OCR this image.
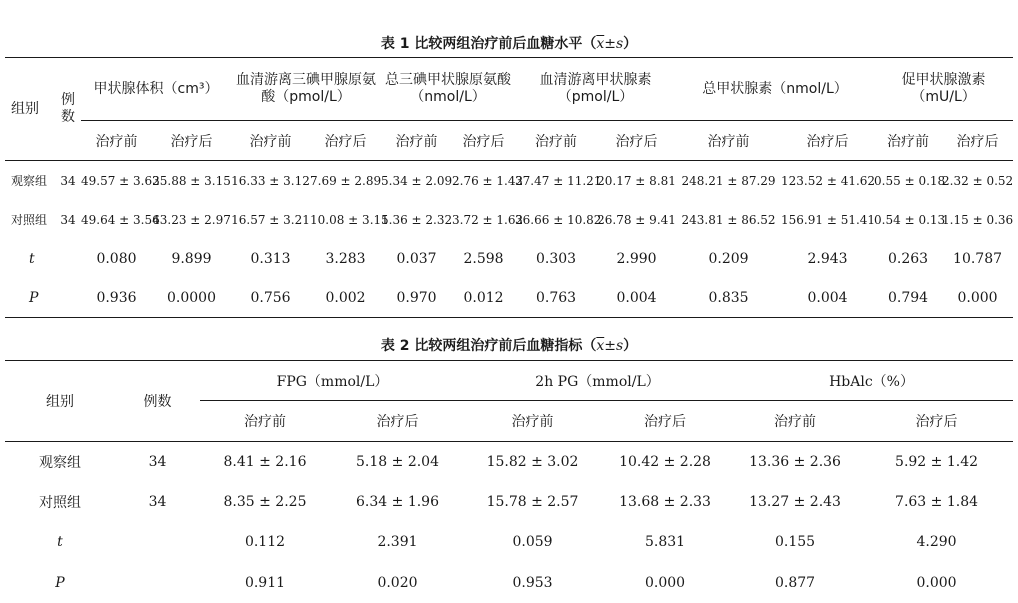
表 1 比较两组治疗前后血糖水平$(\overline{x}\pm s)$
组别	例数	甲状腺体积（cm³）		血清游离三碘甲腺原氨酸（pmol/L）		总三碘甲状腺原氨酸（nmol/L）		血清游离甲状腺素（pmol/L）		总甲状腺素（nmol/L）		促甲状腺激素（mU/L）	
		治疗前	治疗后	治疗前	治疗后	治疗前	治疗后	治疗前	治疗后	治疗前	治疗后	治疗前	治疗后
观察组	34	49.57 ± 3.62	35.88 ± 3.15	16.33 ± 3.12	7.69 ± 2.89	5.34 ± 2.09	2.76 ± 1.42	37.47 ± 11.21	20.17 ± 8.81	248.21 ± 87.29	123.52 ± 41.62	0.55 ± 0.18	2.32 ± 0.52
对照组	34	49.64 ± 3.56	43.23 ± 2.97	16.57 ± 3.21	10.08 ± 3.11	5.36 ± 2.32	3.72 ± 1.62	36.66 ± 10.82	26.78 ± 9.41	243.81 ± 86.52	156.91 ± 51.41	0.54 ± 0.13	1.15 ± 0.36
t		0.080	9.899	0.313	3.283	0.037	2.598	0.303	2.990	0.209	2.943	0.263	10.787
P		0.936	0.0000	0.756	0.002	0.970	0.012	0.763	0.004	0.835	0.004	0.794	0.000
表 2 比较两组治疗前后血糖指标$(\overline{x}\pm s)$
组别	例数	FPG（mmol/L）		2h PG（mmol/L）		HbAlc（%）	
		治疗前	治疗后	治疗前	治疗后	治疗前	治疗后
观察组	34	8.41 ± 2.16	5.18 ± 2.04	15.82 ± 3.02	10.42 ± 2.28	13.36 ± 2.36	5.92 ± 1.42
对照组	34	8.35 ± 2.25	6.34 ± 1.96	15.78 ± 2.57	13.68 ± 2.33	13.27 ± 2.43	7.63 ± 1.84
t		0.112	2.391	0.059	5.831	0.155	4.290
P		0.911	0.020	0.953	0.000	0.877	0.000
